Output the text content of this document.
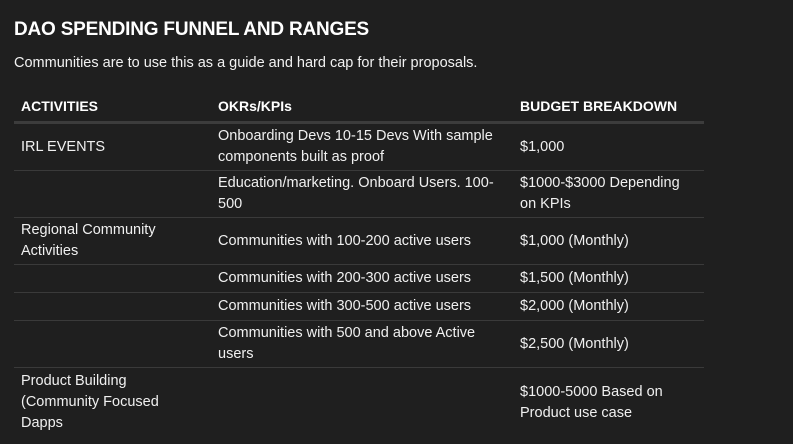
DAO SPENDING FUNNEL AND RANGES
Communities are to use this as a guide and hard cap for their proposals.
ACTIVITIES	OKRs/KPIs	BUDGET BREAKDOWN
IRL EVENTS	Onboarding Devs 10-15 Devs With sample components built as proof	$1,000
	Education/marketing. Onboard Users. 100-500	$1000-$3000 Depending on KPIs
Regional Community Activities	Communities with 100-200 active users	$1,000 (Monthly)
	Communities with 200-300 active users	$1,500 (Monthly)
	Communities with 300-500 active users	$2,000 (Monthly)
	Communities with 500 and above Active users	$2,500 (Monthly)
Product Building (Community Focused Dapps		$1000-5000 Based on Product use case
